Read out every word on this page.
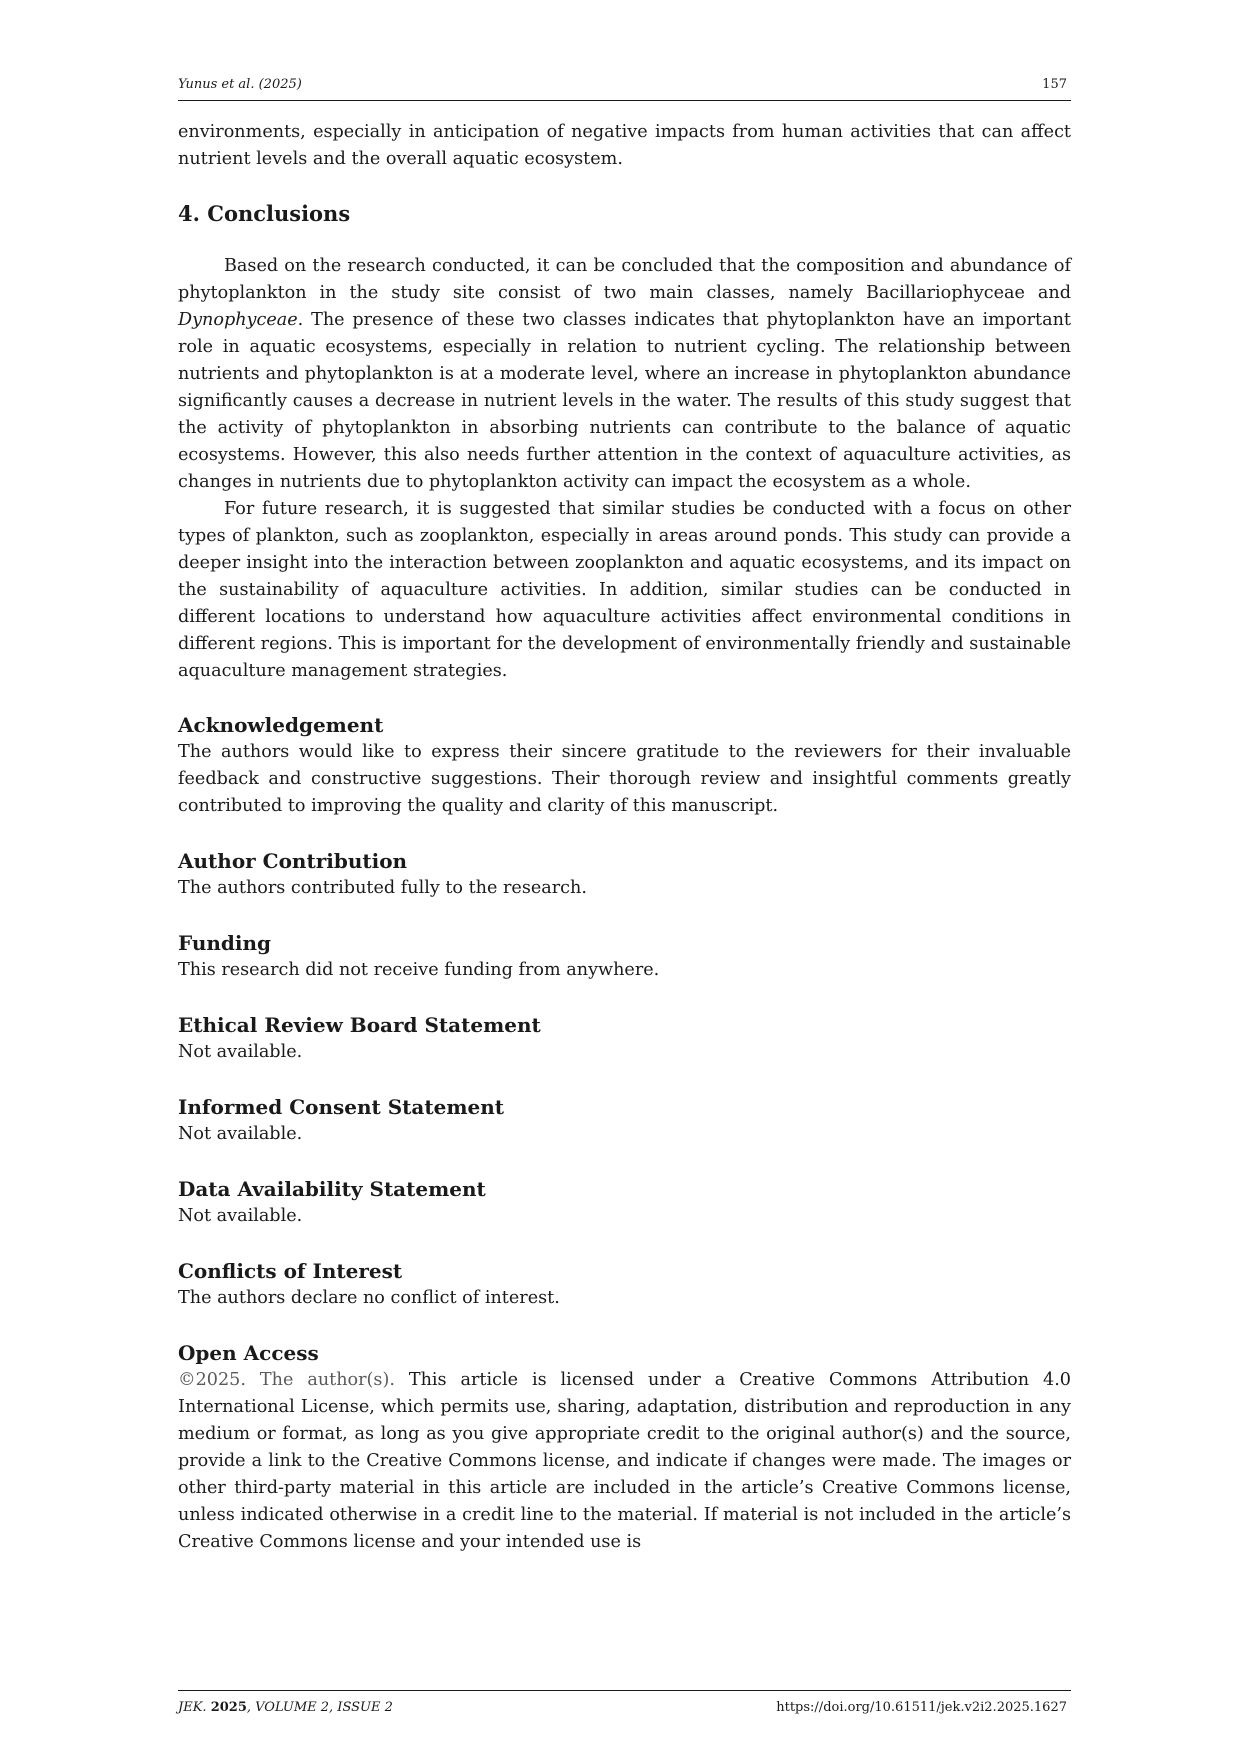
Yunus et al. (2025)	157

environments, especially in anticipation of negative impacts from human activities that can affect nutrient levels and the overall aquatic ecosystem.

4. Conclusions

Based on the research conducted, it can be concluded that the composition and abundance of phytoplankton in the study site consist of two main classes, namely Bacillariophyceae and Dynophyceae. The presence of these two classes indicates that phytoplankton have an important role in aquatic ecosystems, especially in relation to nutrient cycling. The relationship between nutrients and phytoplankton is at a moderate level, where an increase in phytoplankton abundance significantly causes a decrease in nutrient levels in the water. The results of this study suggest that the activity of phytoplankton in absorbing nutrients can contribute to the balance of aquatic ecosystems. However, this also needs further attention in the context of aquaculture activities, as changes in nutrients due to phytoplankton activity can impact the ecosystem as a whole.

For future research, it is suggested that similar studies be conducted with a focus on other types of plankton, such as zooplankton, especially in areas around ponds. This study can provide a deeper insight into the interaction between zooplankton and aquatic ecosystems, and its impact on the sustainability of aquaculture activities. In addition, similar studies can be conducted in different locations to understand how aquaculture activities affect environmental conditions in different regions. This is important for the development of environmentally friendly and sustainable aquaculture management strategies.

Acknowledgement

The authors would like to express their sincere gratitude to the reviewers for their invaluable feedback and constructive suggestions. Their thorough review and insightful comments greatly contributed to improving the quality and clarity of this manuscript.

Author Contribution

The authors contributed fully to the research.

Funding

This research did not receive funding from anywhere.

Ethical Review Board Statement

Not available.

Informed Consent Statement

Not available.

Data Availability Statement

Not available.

Conflicts of Interest

The authors declare no conflict of interest.

Open Access

©2025. The author(s). This article is licensed under a Creative Commons Attribution 4.0 International License, which permits use, sharing, adaptation, distribution and reproduction in any medium or format, as long as you give appropriate credit to the original author(s) and the source, provide a link to the Creative Commons license, and indicate if changes were made. The images or other third-party material in this article are included in the article’s Creative Commons license, unless indicated otherwise in a credit line to the material. If material is not included in the article’s Creative Commons license and your intended use is

JEK. 2025, VOLUME 2, ISSUE 2	https://doi.org/10.61511/jek.v2i2.2025.1627
